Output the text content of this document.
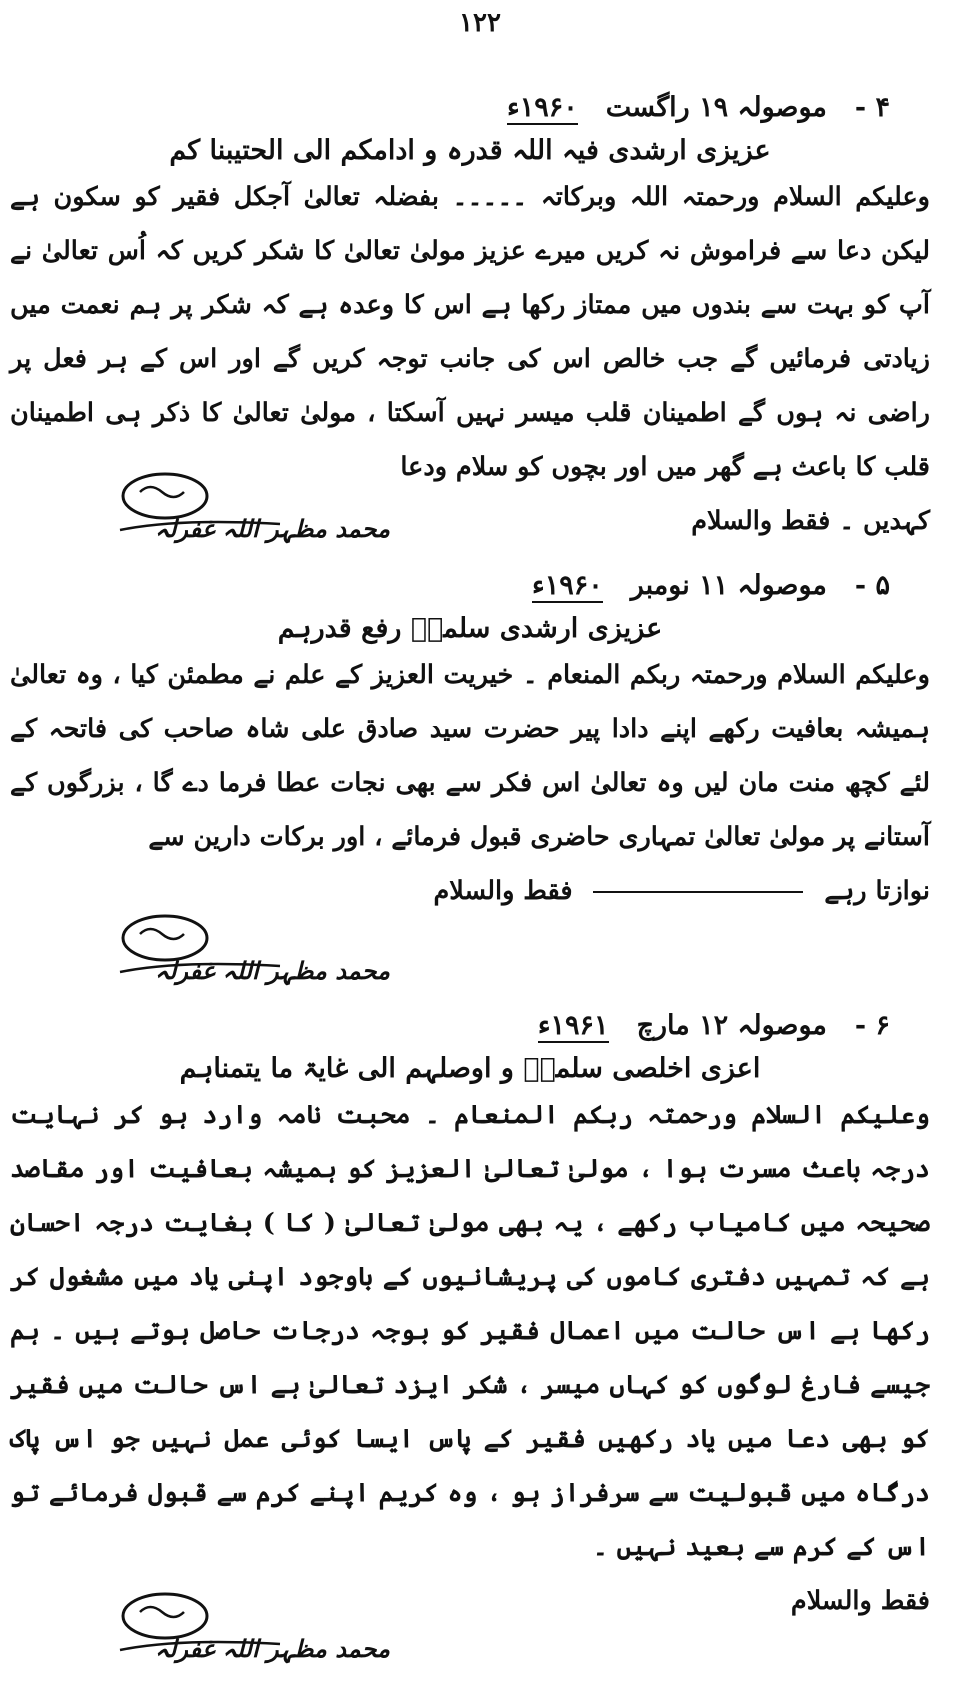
۱۲۲
۴ -
موصولہ ۱۹ راگست
۱۹۶۰ء
عزیزی ارشدی فیہ اللہ قدرہ و ادامکم الی الحتیبنا کم
وعلیکم السلام ورحمتہ اللہ وبرکاتہ ۔۔۔۔۔ بفضلہ تعالیٰ آجکل فقیر کو سکون ہے لیکن دعا سے فراموش نہ کریں میرے عزیز مولیٰ تعالیٰ کا شکر کریں کہ اُس تعالیٰ نے آپ کو بہت سے بندوں میں ممتاز رکھا ہے اس کا وعدہ ہے کہ شکر پر ہم نعمت میں زیادتی فرمائیں گے جب خالص اس کی جانب توجہ کریں گے اور اس کے ہر فعل پر راضی نہ ہوں گے اطمینان قلب میسر نہیں آسکتا ، مولیٰ تعالیٰ کا ذکر ہی اطمینان قلب کا باعث ہے گھر میں اور بچوں کو سلام ودعا
کہدیں ۔ فقط والسلام
محمد مظہر اللہ غفرلہ
۵ -
موصولہ ۱۱ نومبر
۱۹۶۰ء
عزیزی ارشدی سلمہٗ رفع قدرہم
وعلیکم السلام ورحمتہ ربکم المنعام ۔ خیریت العزیز کے علم نے مطمئن کیا ، وہ تعالیٰ ہمیشہ بعافیت رکھے اپنے دادا پیر حضرت سید صادق علی شاہ صاحب کی فاتحہ کے لئے کچھ منت مان لیں وہ تعالیٰ اس فکر سے بھی نجات عطا فرما دے گا ، بزرگوں کے آستانے پر مولیٰ تعالیٰ تمہاری حاضری قبول فرمائے ، اور برکات دارین سے
نوازتا رہے  فقط والسلام
محمد مظہر اللہ غفرلہ
۶ -
موصولہ ۱۲ مارچ
۱۹۶۱ء
اعزی اخلصی سلمہٗ و اوصلہم الی غایۃ ما یتمناہم
وعلیکم السلام ورحمتہ ربکم المنعام ۔ محبت نامہ وارد ہو کر نہایت درجہ باعث مسرت ہوا ، مولیٰ تعالیٰ العزیز کو ہمیشہ بعافیت اور مقاصد صحیحہ میں کامیاب رکھے ، یہ بھی مولیٰ تعالیٰ ( کا ) بغایت درجہ احسان ہے کہ تمہیں دفتری کاموں کی پریشانیوں کے باوجود اپنی یاد میں مشغول کر رکھا ہے اس حالت میں اعمال فقیر کو بوجہ درجات حاصل ہوتے ہیں ۔ ہم جیسے فارغ لوگوں کو کہاں میسر ، شکر ایزد تعالیٰ ہے اس حالت میں فقیر کو بھی دعا میں یاد رکھیں فقیر کے پاس ایسا کوئی عمل نہیں جو اس پاک درگاہ میں قبولیت سے سرفراز ہو ، وہ کریم اپنے کرم سے قبول فرمائے تو اس کے کرم سے بعید نہیں ۔
فقط والسلام
محمد مظہر اللہ غفرلہ
